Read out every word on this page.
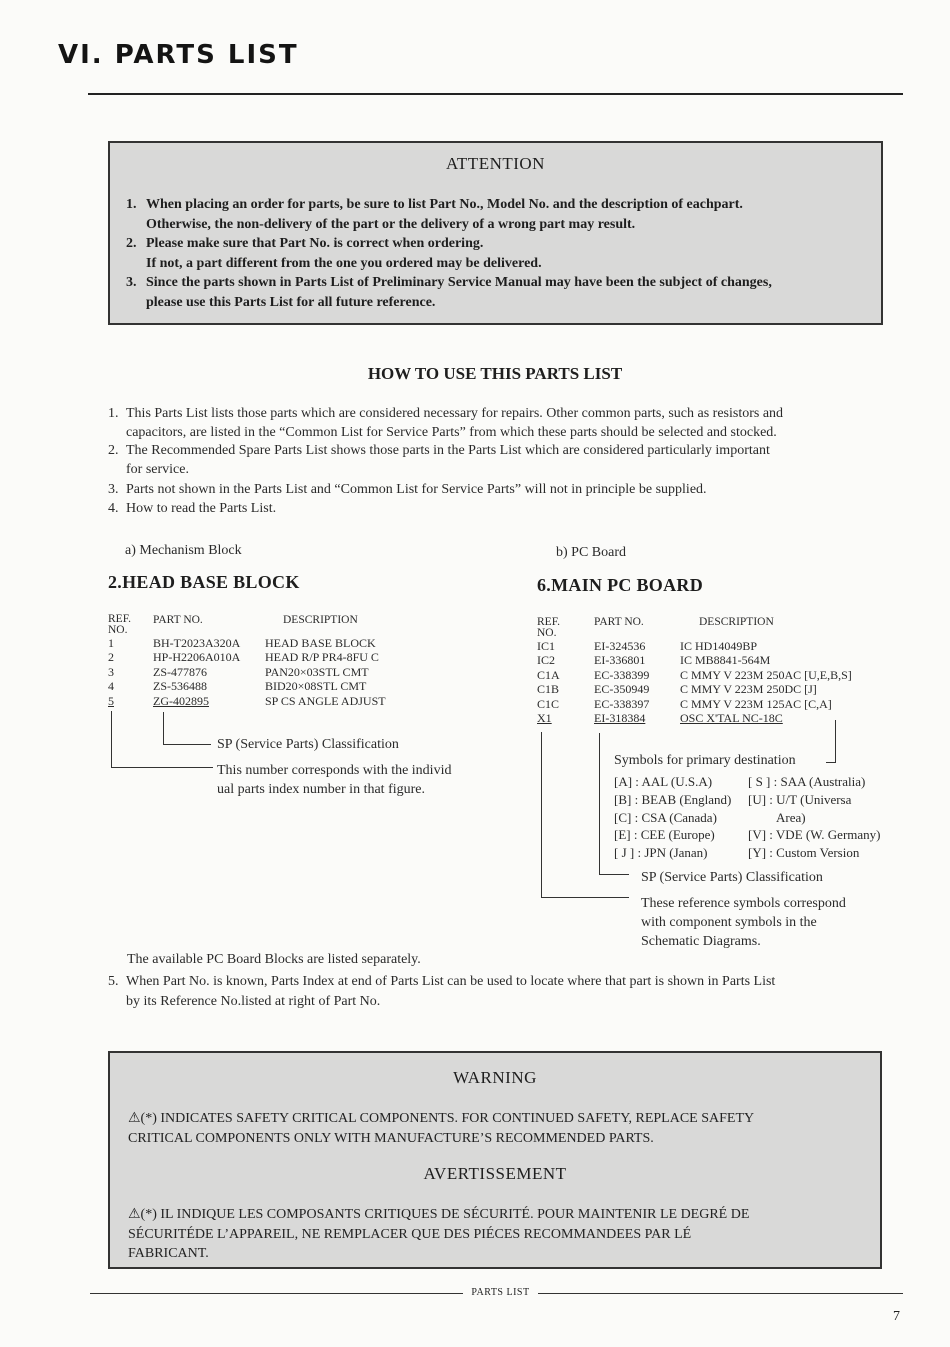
VI. PARTS LIST
ATTENTION
1. When placing an order for parts, be sure to list Part No., Model No. and the description of eachpart.
Otherwise, the non-delivery of the part or the delivery of a wrong part may result.
2. Please make sure that Part No. is correct when ordering.
If not, a part different from the one you ordered may be delivered.
3. Since the parts shown in Parts List of Preliminary Service Manual may have been the subject of changes,
please use this Parts List for all future reference.
HOW TO USE THIS PARTS LIST
1. This Parts List lists those parts which are considered necessary for repairs. Other common parts, such as resistors and
capacitors, are listed in the “Common List for Service Parts” from which these parts should be selected and stocked.
2. The Recommended Spare Parts List shows those parts in the Parts List which are considered particularly important
for service.
3. Parts not shown in the Parts List and “Common List for Service Parts” will not in principle be supplied.
4. How to read the Parts List.
a) Mechanism Block
2.HEAD BASE BLOCK
REF.
NO.	PART NO.	DESCRIPTION
1	BH-T2023A320A	HEAD BASE BLOCK
2	HP-H2206A010A	HEAD R/P PR4-8FU C
3	ZS-477876	PAN20×03STL CMT
4	ZS-536488	BID20×08STL CMT
5	ZG-402895	SP CS ANGLE ADJUST
SP (Service Parts) Classification
This number corresponds with the individ
ual parts index number in that figure.
b) PC Board
6.MAIN PC BOARD
REF.
NO.	PART NO.	DESCRIPTION
IC1	EI-324536	IC HD14049BP
IC2	EI-336801	IC MB8841-564M
C1A	EC-338399	C MMY V 223M 250AC [U,E,B,S]
C1B	EC-350949	C MMY V 223M 250DC [J]
C1C	EC-338397	C MMY V 223M 125AC [C,A]
X1	EI-318384	OSC X'TAL NC-18C
Symbols for primary destination
[A] : AAL (U.S.A)
[B] : BEAB (England)
[C] : CSA (Canada)
[E] : CEE (Europe)
[ J ] : JPN (Janan)
[ S ] : SAA (Australia)
[U] : U/T (Universa
Area)
[V] : VDE (W. Germany)
[Y] : Custom Version
SP (Service Parts) Classification
These reference symbols correspond
with component symbols in the
Schematic Diagrams.
The available PC Board Blocks are listed separately.
5. When Part No. is known, Parts Index at end of Parts List can be used to locate where that part is shown in Parts List
by its Reference No.listed at right of Part No.
WARNING
⚠(*) INDICATES SAFETY CRITICAL COMPONENTS. FOR CONTINUED SAFETY, REPLACE SAFETY
CRITICAL COMPONENTS ONLY WITH MANUFACTURE’S RECOMMENDED PARTS.
AVERTISSEMENT
⚠(*) IL INDIQUE LES COMPOSANTS CRITIQUES DE SÉCURITÉ. POUR MAINTENIR LE DEGRÉ DE
SÉCURITÉDE L’APPAREIL, NE REMPLACER QUE DES PIÉCES RECOMMANDEES PAR LÉ
FABRICANT.
PARTS LIST
7
